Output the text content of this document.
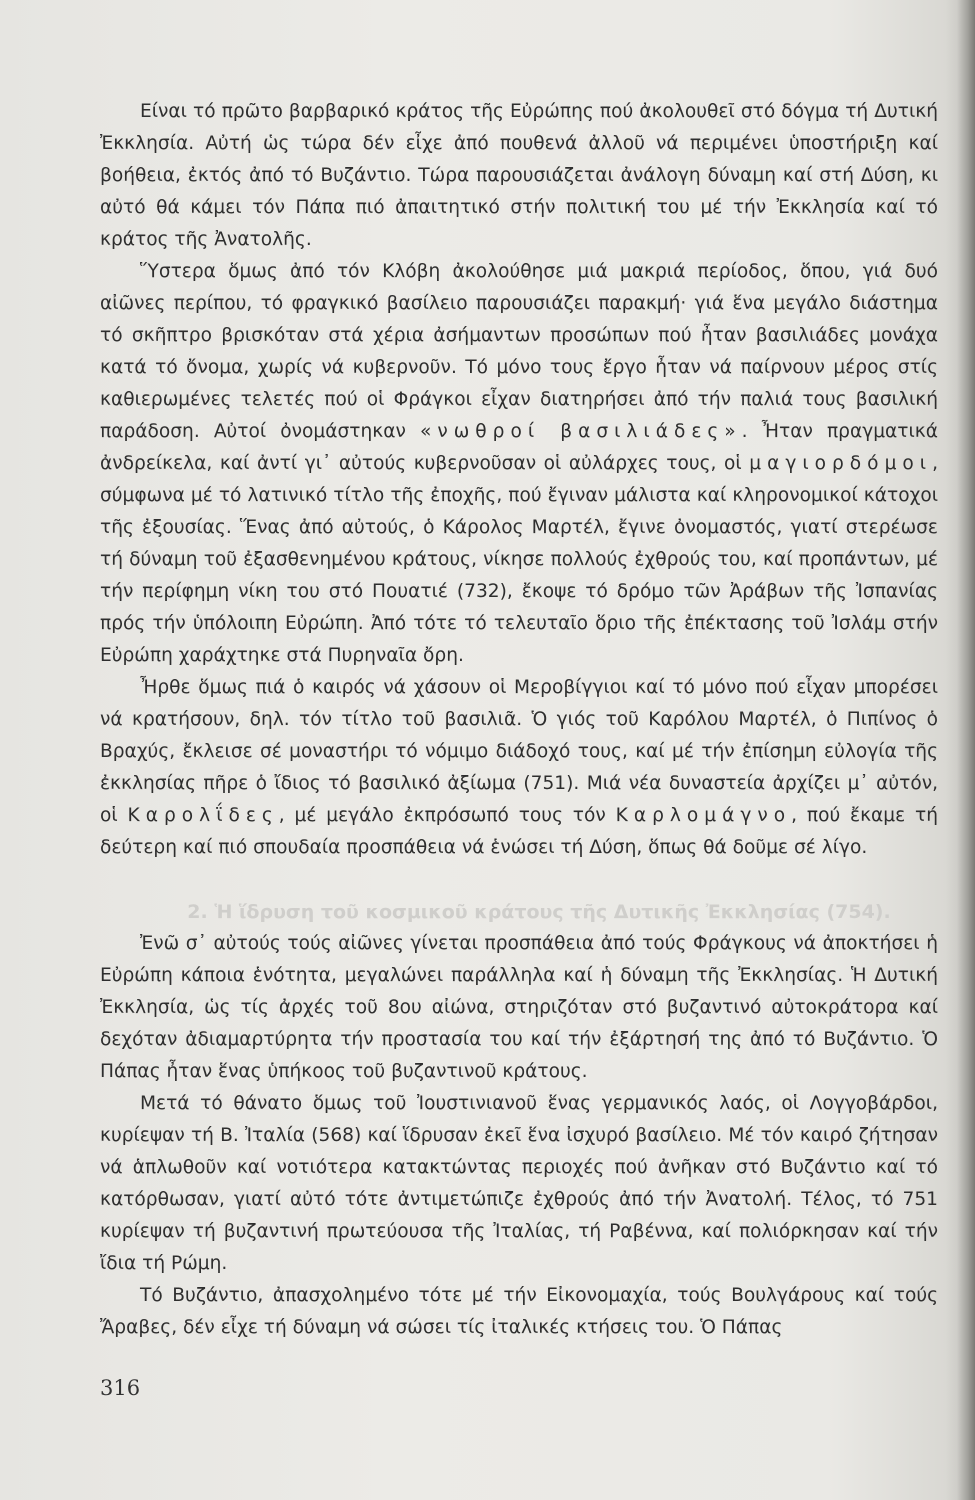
Είναι τό πρῶτο βαρβαρικό κράτος τῆς Εὐρώπης πού ἀκολουθεῖ στό δόγμα τή Δυτική Ἐκκλησία. Αὐτή ὡς τώρα δέν εἶχε ἀπό πουθενά ἀλλοῦ νά περιμένει ὑποστήριξη καί βοήθεια, ἐκτός ἀπό τό Βυζάντιο. Τώρα παρουσιάζεται ἀνάλογη δύναμη καί στή Δύση, κι αὐτό θά κάμει τόν Πάπα πιό ἀπαιτητικό στήν πολιτική του μέ τήν Ἐκκλησία καί τό κράτος τῆς Ἀνατολῆς.

Ὕστερα ὅμως ἀπό τόν Κλόβη ἀκολούθησε μιά μακριά περίοδος, ὅπου, γιά δυό αἰῶνες περίπου, τό φραγκικό βασίλειο παρουσιάζει παρακμή· γιά ἕνα μεγάλο διάστημα τό σκῆπτρο βρισκόταν στά χέρια ἀσήμαντων προσώπων πού ἦταν βασιλιάδες μονάχα κατά τό ὄνομα, χωρίς νά κυβερνοῦν. Τό μόνο τους ἔργο ἦταν νά παίρνουν μέρος στίς καθιερωμένες τελετές πού οἱ Φράγκοι εἶχαν διατηρήσει ἀπό τήν παλιά τους βασιλική παράδοση. Αὐτοί ὀνομάστηκαν «νωθροί βασιλιάδες». Ἦταν πραγματικά ἀνδρείκελα, καί ἀντί γι᾽ αὐτούς κυβερνοῦσαν οἱ αὐλάρχες τους, οἱ μαγιορδόμοι, σύμφωνα μέ τό λατινικό τίτλο τῆς ἐποχῆς, πού ἔγιναν μάλιστα καί κληρονομικοί κάτοχοι τῆς ἐξουσίας. Ἕνας ἀπό αὐτούς, ὁ Κάρολος Μαρτέλ, ἔγινε ὀνομαστός, γιατί στερέωσε τή δύναμη τοῦ ἐξασθενημένου κράτους, νίκησε πολλούς ἐχθρούς του, καί προπάντων, μέ τήν περίφημη νίκη του στό Πουατιέ (732), ἔκοψε τό δρόμο τῶν Ἀράβων τῆς Ἰσπανίας πρός τήν ὑπόλοιπη Εὐρώπη. Ἀπό τότε τό τελευταῖο ὅριο τῆς ἐπέκτασης τοῦ Ἰσλάμ στήν Εὐρώπη χαράχτηκε στά Πυρηναῖα ὄρη.

Ἦρθε ὅμως πιά ὁ καιρός νά χάσουν οἱ Μεροβίγγιοι καί τό μόνο πού εἶχαν μπορέσει νά κρατήσουν, δηλ. τόν τίτλο τοῦ βασιλιᾶ. Ὁ γιός τοῦ Καρόλου Μαρτέλ, ὁ Πιπίνος ὁ Βραχύς, ἔκλεισε σέ μοναστήρι τό νόμιμο διάδοχό τους, καί μέ τήν ἐπίσημη εὐλογία τῆς ἐκκλησίας πῆρε ὁ ἴδιος τό βασιλικό ἀξίωμα (751). Μιά νέα δυναστεία ἀρχίζει μ᾽ αὐτόν, οἱ Καρολΐδες, μέ μεγάλο ἐκπρόσωπό τους τόν Καρλομάγνο, πού ἔκαμε τή δεύτερη καί πιό σπουδαία προσπάθεια νά ἑνώσει τή Δύση, ὅπως θά δοῦμε σέ λίγο.

2. Ἡ ἵδρυση τοῦ κοσμικοῦ κράτους τῆς Δυτικῆς Ἐκκλησίας (754).

Ἐνῶ σ᾽ αὐτούς τούς αἰῶνες γίνεται προσπάθεια ἀπό τούς Φράγκους νά ἀποκτήσει ἡ Εὐρώπη κάποια ἑνότητα, μεγαλώνει παράλληλα καί ἡ δύναμη τῆς Ἐκκλησίας. Ἡ Δυτική Ἐκκλησία, ὡς τίς ἀρχές τοῦ 8ου αἰώνα, στηριζόταν στό βυζαντινό αὐτοκράτορα καί δεχόταν ἀδιαμαρτύρητα τήν προστασία του καί τήν ἐξάρτησή της ἀπό τό Βυζάντιο. Ὁ Πάπας ἦταν ἕνας ὑπήκοος τοῦ βυζαντινοῦ κράτους.

Μετά τό θάνατο ὅμως τοῦ Ἰουστινιανοῦ ἕνας γερμανικός λαός, οἱ Λογγοβάρδοι, κυρίεψαν τή Β. Ἰταλία (568) καί ἵδρυσαν ἐκεῖ ἕνα ἰσχυρό βασίλειο. Μέ τόν καιρό ζήτησαν νά ἁπλωθοῦν καί νοτιότερα κατακτώντας περιοχές πού ἀνῆκαν στό Βυζάντιο καί τό κατόρθωσαν, γιατί αὐτό τότε ἀντιμετώπιζε ἐχθρούς ἀπό τήν Ἀνατολή. Τέλος, τό 751 κυρίεψαν τή βυζαντινή πρωτεύουσα τῆς Ἰταλίας, τή Ραβέννα, καί πολιόρκησαν καί τήν ἴδια τή Ρώμη.

Τό Βυζάντιο, ἀπασχολημένο τότε μέ τήν Εἰκονομαχία, τούς Βουλγάρους καί τούς Ἄραβες, δέν εἶχε τή δύναμη νά σώσει τίς ἰταλικές κτήσεις του. Ὁ Πάπας

316
